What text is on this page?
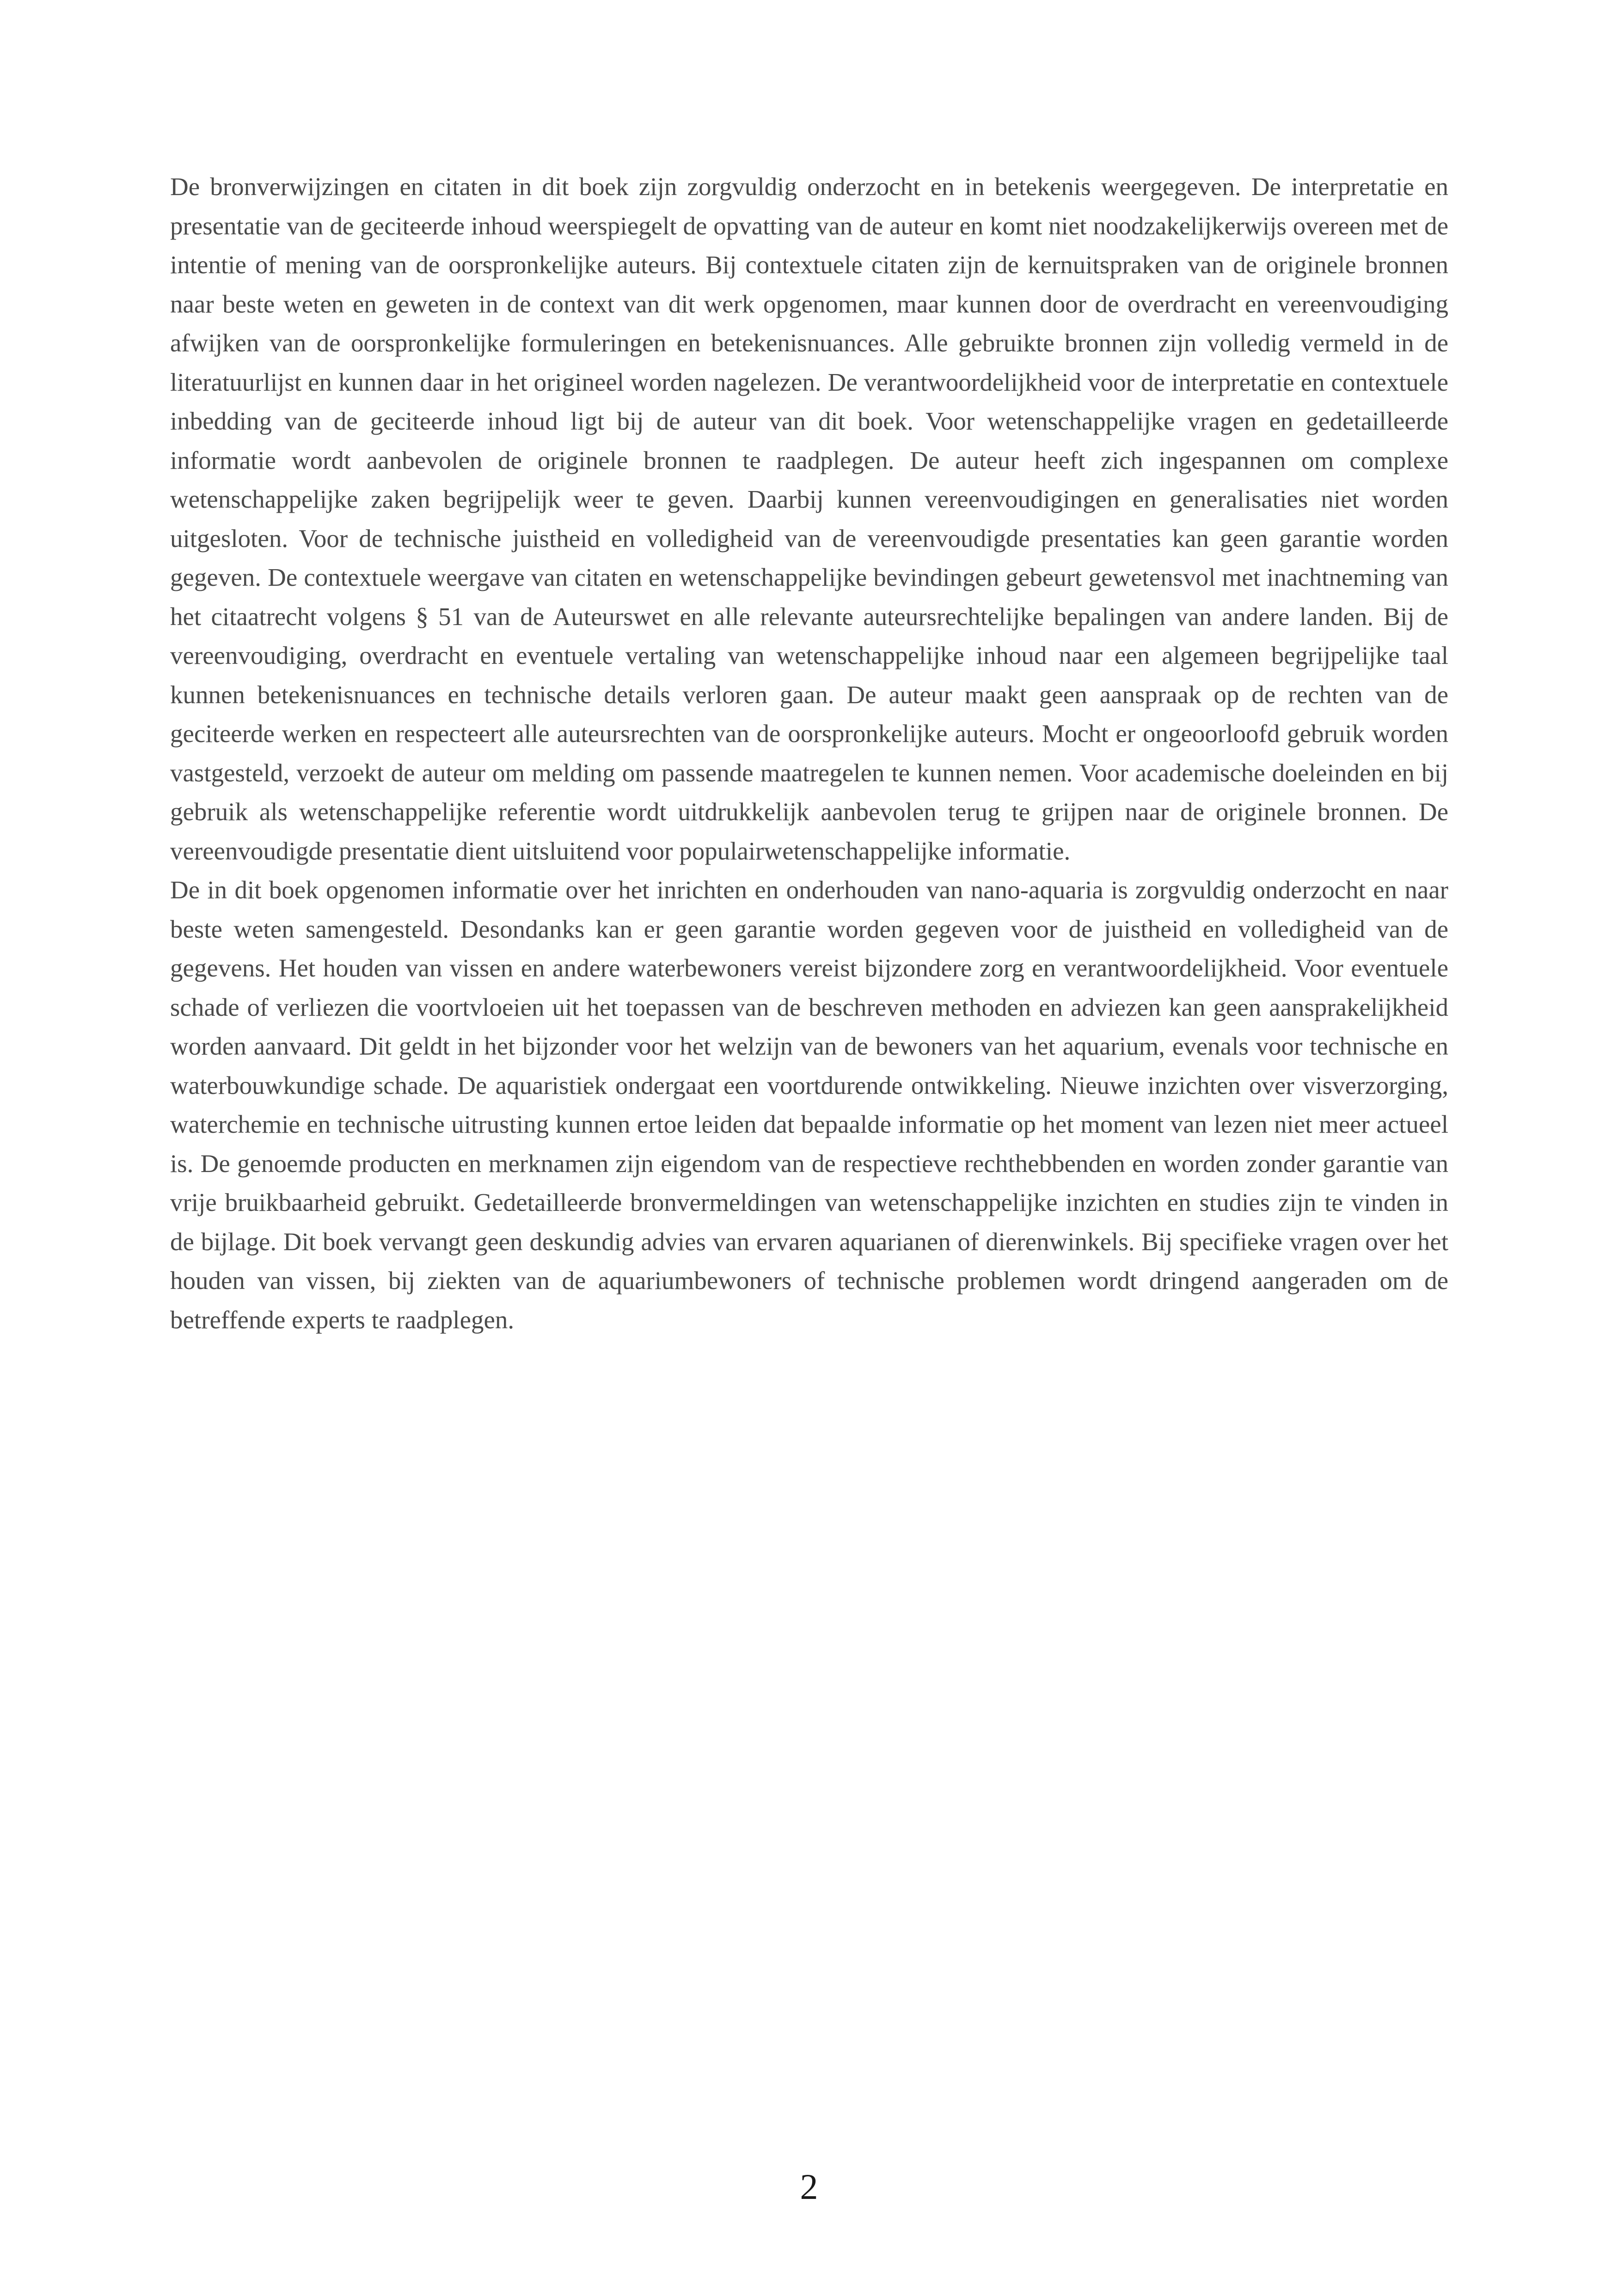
De bronverwijzingen en citaten in dit boek zijn zorgvuldig onderzocht en in betekenis weergegeven. De interpretatie en presentatie van de geciteerde inhoud weerspiegelt de opvatting van de auteur en komt niet noodzakelijkerwijs overeen met de intentie of mening van de oorspronkelijke auteurs. Bij contextuele citaten zijn de kernuitspraken van de originele bronnen naar beste weten en geweten in de context van dit werk opgenomen, maar kunnen door de overdracht en vereenvoudiging afwijken van de oorspronkelijke formuleringen en betekenisnuances. Alle gebruikte bronnen zijn volledig vermeld in de literatuurlijst en kunnen daar in het origineel worden nagelezen. De verantwoordelijkheid voor de interpretatie en contextuele inbedding van de geciteerde inhoud ligt bij de auteur van dit boek. Voor wetenschappelijke vragen en gedetailleerde informatie wordt aanbevolen de originele bronnen te raadplegen. De auteur heeft zich ingespannen om complexe wetenschappelijke zaken begrijpelijk weer te geven. Daarbij kunnen vereenvoudigingen en generalisaties niet worden uitgesloten. Voor de technische juistheid en volledigheid van de vereenvoudigde presentaties kan geen garantie worden gegeven. De contextuele weergave van citaten en wetenschappelijke bevindingen gebeurt gewetensvol met inachtneming van het citaatrecht volgens § 51 van de Auteurswet en alle relevante auteursrechtelijke bepalingen van andere landen. Bij de vereenvoudiging, overdracht en eventuele vertaling van wetenschappelijke inhoud naar een algemeen begrijpelijke taal kunnen betekenisnuances en technische details verloren gaan. De auteur maakt geen aanspraak op de rechten van de geciteerde werken en respecteert alle auteursrechten van de oorspronkelijke auteurs. Mocht er ongeoorloofd gebruik worden vastgesteld, verzoekt de auteur om melding om passende maatregelen te kunnen nemen. Voor academische doeleinden en bij gebruik als wetenschappelijke referentie wordt uitdrukkelijk aanbevolen terug te grijpen naar de originele bronnen. De vereenvoudigde presentatie dient uitsluitend voor populairwetenschappelijke informatie.

De in dit boek opgenomen informatie over het inrichten en onderhouden van nano-aquaria is zorgvuldig onderzocht en naar beste weten samengesteld. Desondanks kan er geen garantie worden gegeven voor de juistheid en volledigheid van de gegevens. Het houden van vissen en andere waterbewoners vereist bijzondere zorg en verantwoordelijkheid. Voor eventuele schade of verliezen die voortvloeien uit het toepassen van de beschreven methoden en adviezen kan geen aansprakelijkheid worden aanvaard. Dit geldt in het bijzonder voor het welzijn van de bewoners van het aquarium, evenals voor technische en waterbouwkundige schade. De aquaristiek ondergaat een voortdurende ontwikkeling. Nieuwe inzichten over visverzorging, waterchemie en technische uitrusting kunnen ertoe leiden dat bepaalde informatie op het moment van lezen niet meer actueel is. De genoemde producten en merknamen zijn eigendom van de respectieve rechthebbenden en worden zonder garantie van vrije bruikbaarheid gebruikt. Gedetailleerde bronvermeldingen van wetenschappelijke inzichten en studies zijn te vinden in de bijlage. Dit boek vervangt geen deskundig advies van ervaren aquarianen of dierenwinkels. Bij specifieke vragen over het houden van vissen, bij ziekten van de aquariumbewoners of technische problemen wordt dringend aangeraden om de betreffende experts te raadplegen.

2
